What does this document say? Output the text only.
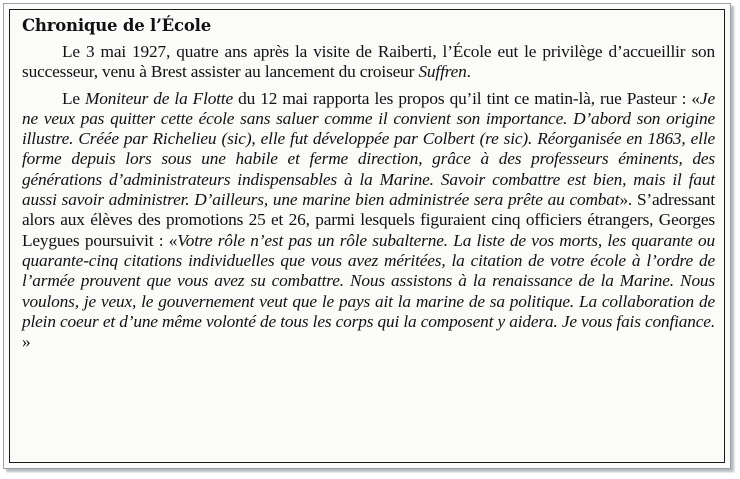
Chronique de l’École

Le 3 mai 1927, quatre ans après la visite de Raiberti, l’École eut le privilège d’accueillir son successeur, venu à Brest assister au lancement du croiseur Suffren.

Le Moniteur de la Flotte du 12 mai rapporta les propos qu’il tint ce matin-là, rue Pasteur : «Je ne veux pas quitter cette école sans saluer comme il convient son importance. D’abord son origine illustre. Créée par Richelieu (sic), elle fut développée par Colbert (re sic). Réorganisée en 1863, elle forme depuis lors sous une habile et ferme direction, grâce à des professeurs éminents, des générations d’administrateurs indispensables à la Marine. Savoir combattre est bien, mais il faut aussi savoir administrer. D’ailleurs, une marine bien administrée sera prête au combat». S’adressant alors aux élèves des promotions 25 et 26, parmi lesquels figuraient cinq officiers étrangers, Georges Leygues poursuivit : «Votre rôle n’est pas un rôle subalterne. La liste de vos morts, les quarante ou quarante-cinq citations individuelles que vous avez méritées, la citation de votre école à l’ordre de l’armée prouvent que vous avez su combattre. Nous assistons à la renaissance de la Marine. Nous voulons, je veux, le gouvernement veut que le pays ait la marine de sa politique. La collaboration de plein coeur et d’une même volonté de tous les corps qui la composent y aidera. Je vous fais confiance. »
